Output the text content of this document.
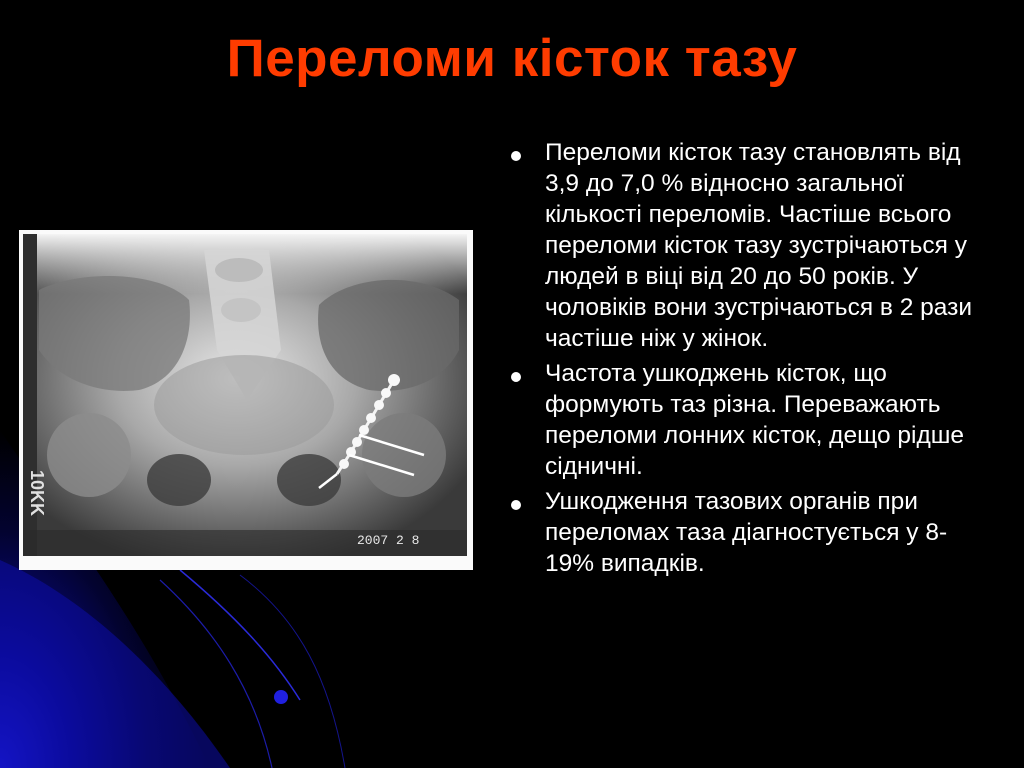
Переломи кісток тазу
10KK
2007 2 8
Переломи кісток тазу становлять від 3,9 до 7,0 % відносно загальної кількості переломів. Частіше всього переломи кісток тазу зустрічаються у людей в віці від 20 до 50 років. У чоловіків вони зустрічаються в 2 рази частіше ніж у жінок.
Частота ушкоджень кісток, що формують таз різна. Переважають переломи лонних кісток, дещо рідше сідничні.
Ушкодження тазових органів при переломах таза діагностується у 8-19% випадків.
